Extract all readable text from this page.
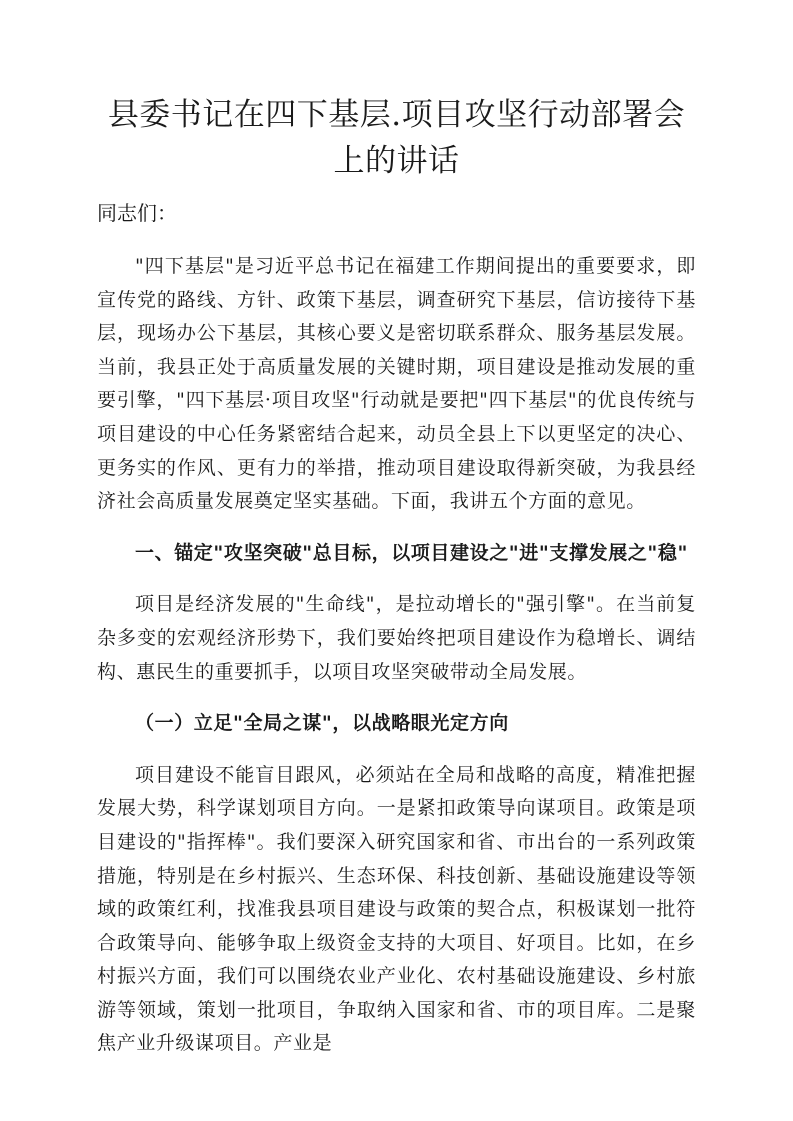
县委书记在四下基层.项目攻坚行动部署会上的讲话

同志们：

"四下基层"是习近平总书记在福建工作期间提出的重要要求，即宣传党的路线、方针、政策下基层，调查研究下基层，信访接待下基层，现场办公下基层，其核心要义是密切联系群众、服务基层发展。当前，我县正处于高质量发展的关键时期，项目建设是推动发展的重要引擎，"四下基层·项目攻坚"行动就是要把"四下基层"的优良传统与项目建设的中心任务紧密结合起来，动员全县上下以更坚定的决心、更务实的作风、更有力的举措，推动项目建设取得新突破，为我县经济社会高质量发展奠定坚实基础。下面，我讲五个方面的意见。

一、锚定"攻坚突破"总目标，以项目建设之"进"支撑发展之"稳"

项目是经济发展的"生命线"，是拉动增长的"强引擎"。在当前复杂多变的宏观经济形势下，我们要始终把项目建设作为稳增长、调结构、惠民生的重要抓手，以项目攻坚突破带动全局发展。

（一）立足"全局之谋"，以战略眼光定方向

项目建设不能盲目跟风，必须站在全局和战略的高度，精准把握发展大势，科学谋划项目方向。一是紧扣政策导向谋项目。政策是项目建设的"指挥棒"。我们要深入研究国家和省、市出台的一系列政策措施，特别是在乡村振兴、生态环保、科技创新、基础设施建设等领域的政策红利，找准我县项目建设与政策的契合点，积极谋划一批符合政策导向、能够争取上级资金支持的大项目、好项目。比如，在乡村振兴方面，我们可以围绕农业产业化、农村基础设施建设、乡村旅游等领域，策划一批项目，争取纳入国家和省、市的项目库。二是聚焦产业升级谋项目。产业是
